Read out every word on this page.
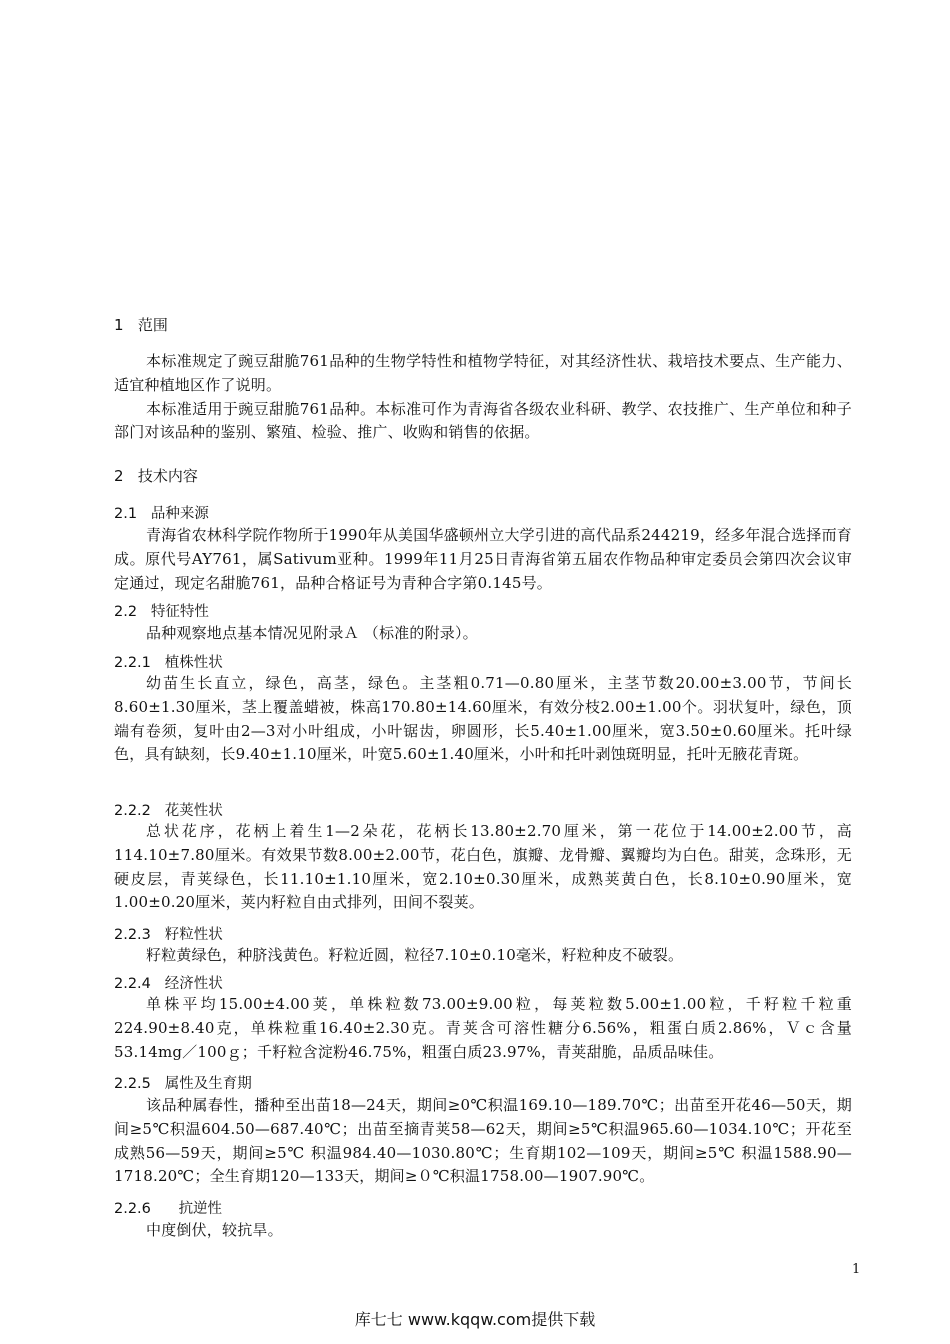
1 范围
本标准规定了豌豆甜脆761品种的生物学特性和植物学特征，对其经济性状、栽培技术要点、生产能力、适宜种植地区作了说明。
本标准适用于豌豆甜脆761品种。本标准可作为青海省各级农业科研、教学、农技推广、生产单位和种子部门对该品种的鉴别、繁殖、检验、推广、收购和销售的依据。
2 技术内容
2.1 品种来源
青海省农林科学院作物所于1990年从美国华盛顿州立大学引进的高代品系244219，经多年混合选择而育成。原代号AY761，属Sativum亚种。1999年11月25日青海省第五届农作物品种审定委员会第四次会议审定通过，现定名甜脆761，品种合格证号为青种合字第0.145号。
2.2 特征特性
品种观察地点基本情况见附录Ａ （标准的附录）。
2.2.1 植株性状
幼苗生长直立，绿色，高茎，绿色。主茎粗0.71—0.80厘米，主茎节数20.00±3.00节，节间长8.60±1.30厘米，茎上覆盖蜡被，株高170.80±14.60厘米，有效分枝2.00±1.00个。羽状复叶，绿色，顶端有卷须，复叶由2—3对小叶组成，小叶锯齿，卵圆形，长5.40±1.00厘米，宽3.50±0.60厘米。托叶绿色，具有缺刻，长9.40±1.10厘米，叶宽5.60±1.40厘米，小叶和托叶剥蚀斑明显，托叶无腋花青斑。
2.2.2 花荚性状
总状花序，花柄上着生1—2朵花，花柄长13.80±2.70厘米，第一花位于14.00±2.00节，高114.10±7.80厘米。有效果节数8.00±2.00节，花白色，旗瓣、龙骨瓣、翼瓣均为白色。甜荚，念珠形，无硬皮层，青荚绿色，长11.10±1.10厘米，宽2.10±0.30厘米，成熟荚黄白色，长8.10±0.90厘米，宽1.00±0.20厘米，荚内籽粒自由式排列，田间不裂荚。
2.2.3 籽粒性状
籽粒黄绿色，种脐浅黄色。籽粒近圆，粒径7.10±0.10毫米，籽粒种皮不破裂。
2.2.4 经济性状
单株平均15.00±4.00荚，单株粒数73.00±9.00粒，每荚粒数5.00±1.00粒，千籽粒千粒重224.90±8.40克，单株粒重16.40±2.30克。青荚含可溶性糖分6.56%，粗蛋白质2.86%，Ｖｃ含量53.14mg／100ｇ；千籽粒含淀粉46.75%，粗蛋白质23.97%，青荚甜脆，品质品味佳。
2.2.5 属性及生育期
该品种属春性，播种至出苗18—24天，期间≥0℃积温169.10—189.70℃；出苗至开花46—50天，期间≥5℃积温604.50—687.40℃；出苗至摘青荚58—62天，期间≥5℃积温965.60—1034.10℃；开花至成熟56—59天，期间≥5℃ 积温984.40—1030.80℃；生育期102—109天，期间≥5℃ 积温1588.90—1718.20℃；全生育期120—133天，期间≥０℃积温1758.00—1907.90℃。
2.2.6 抗逆性
中度倒伏，较抗旱。
1
库七七 www.kqqw.com提供下载
